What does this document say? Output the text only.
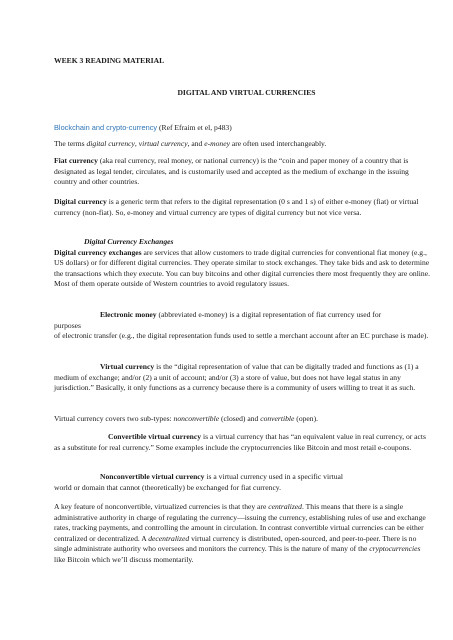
WEEK 3 READING MATERIAL
DIGITAL AND VIRTUAL CURRENCIES
Blockchain and crypto-currency (Ref Efraim et el, p483)
The terms digital currency, virtual currency, and e-money are often used interchangeably.
Fiat currency (aka real currency, real money, or national currency) is the “coin and paper money of a country that is designated as legal tender, circulates, and is customarily used and accepted as the medium of exchange in the issuing country and other countries.
Digital currency is a generic term that refers to the digital representation (0 s and 1 s) of either e-money (fiat) or virtual currency (non-fiat). So, e-money and virtual currency are types of digital currency but not vice versa.
Digital Currency Exchanges
Digital currency exchanges are services that allow customers to trade digital currencies for conventional fiat money (e.g., US dollars) or for different digital currencies. They operate similar to stock exchanges. They take bids and ask to determine the transactions which they execute. You can buy bitcoins and other digital currencies there most frequently they are online. Most of them operate outside of Western countries to avoid regulatory issues.
Electronic money (abbreviated e-money) is a digital representation of fiat currency used for
purposes
of electronic transfer (e.g., the digital representation funds used to settle a merchant account after an EC purchase is made).
Virtual currency is the “digital representation of value that can be digitally traded and functions as (1) a medium of exchange; and/or (2) a unit of account; and/or (3) a store of value, but does not have legal status in any jurisdiction.” Basically, it only functions as a currency because there is a community of users willing to treat it as such.
Virtual currency covers two sub-types: nonconvertible (closed) and convertible (open).
Convertible virtual currency is a virtual currency that has “an equivalent value in real currency, or acts as a substitute for real currency.” Some examples include the cryptocurrencies like Bitcoin and most retail e-coupons.
Nonconvertible virtual currency is a virtual currency used in a specific virtual
world or domain that cannot (theoretically) be exchanged for fiat currency.
A key feature of nonconvertible, virtualized currencies is that they are centralized. This means that there is a single administrative authority in charge of regulating the currency—issuing the currency, establishing rules of use and exchange rates, tracking payments, and controlling the amount in circulation. In contrast convertible virtual currencies can be either centralized or decentralized. A decentralized virtual currency is distributed, open-sourced, and peer-to-peer. There is no single administrate authority who oversees and monitors the currency. This is the nature of many of the cryptocurrencies like Bitcoin which we’ll discuss momentarily.
